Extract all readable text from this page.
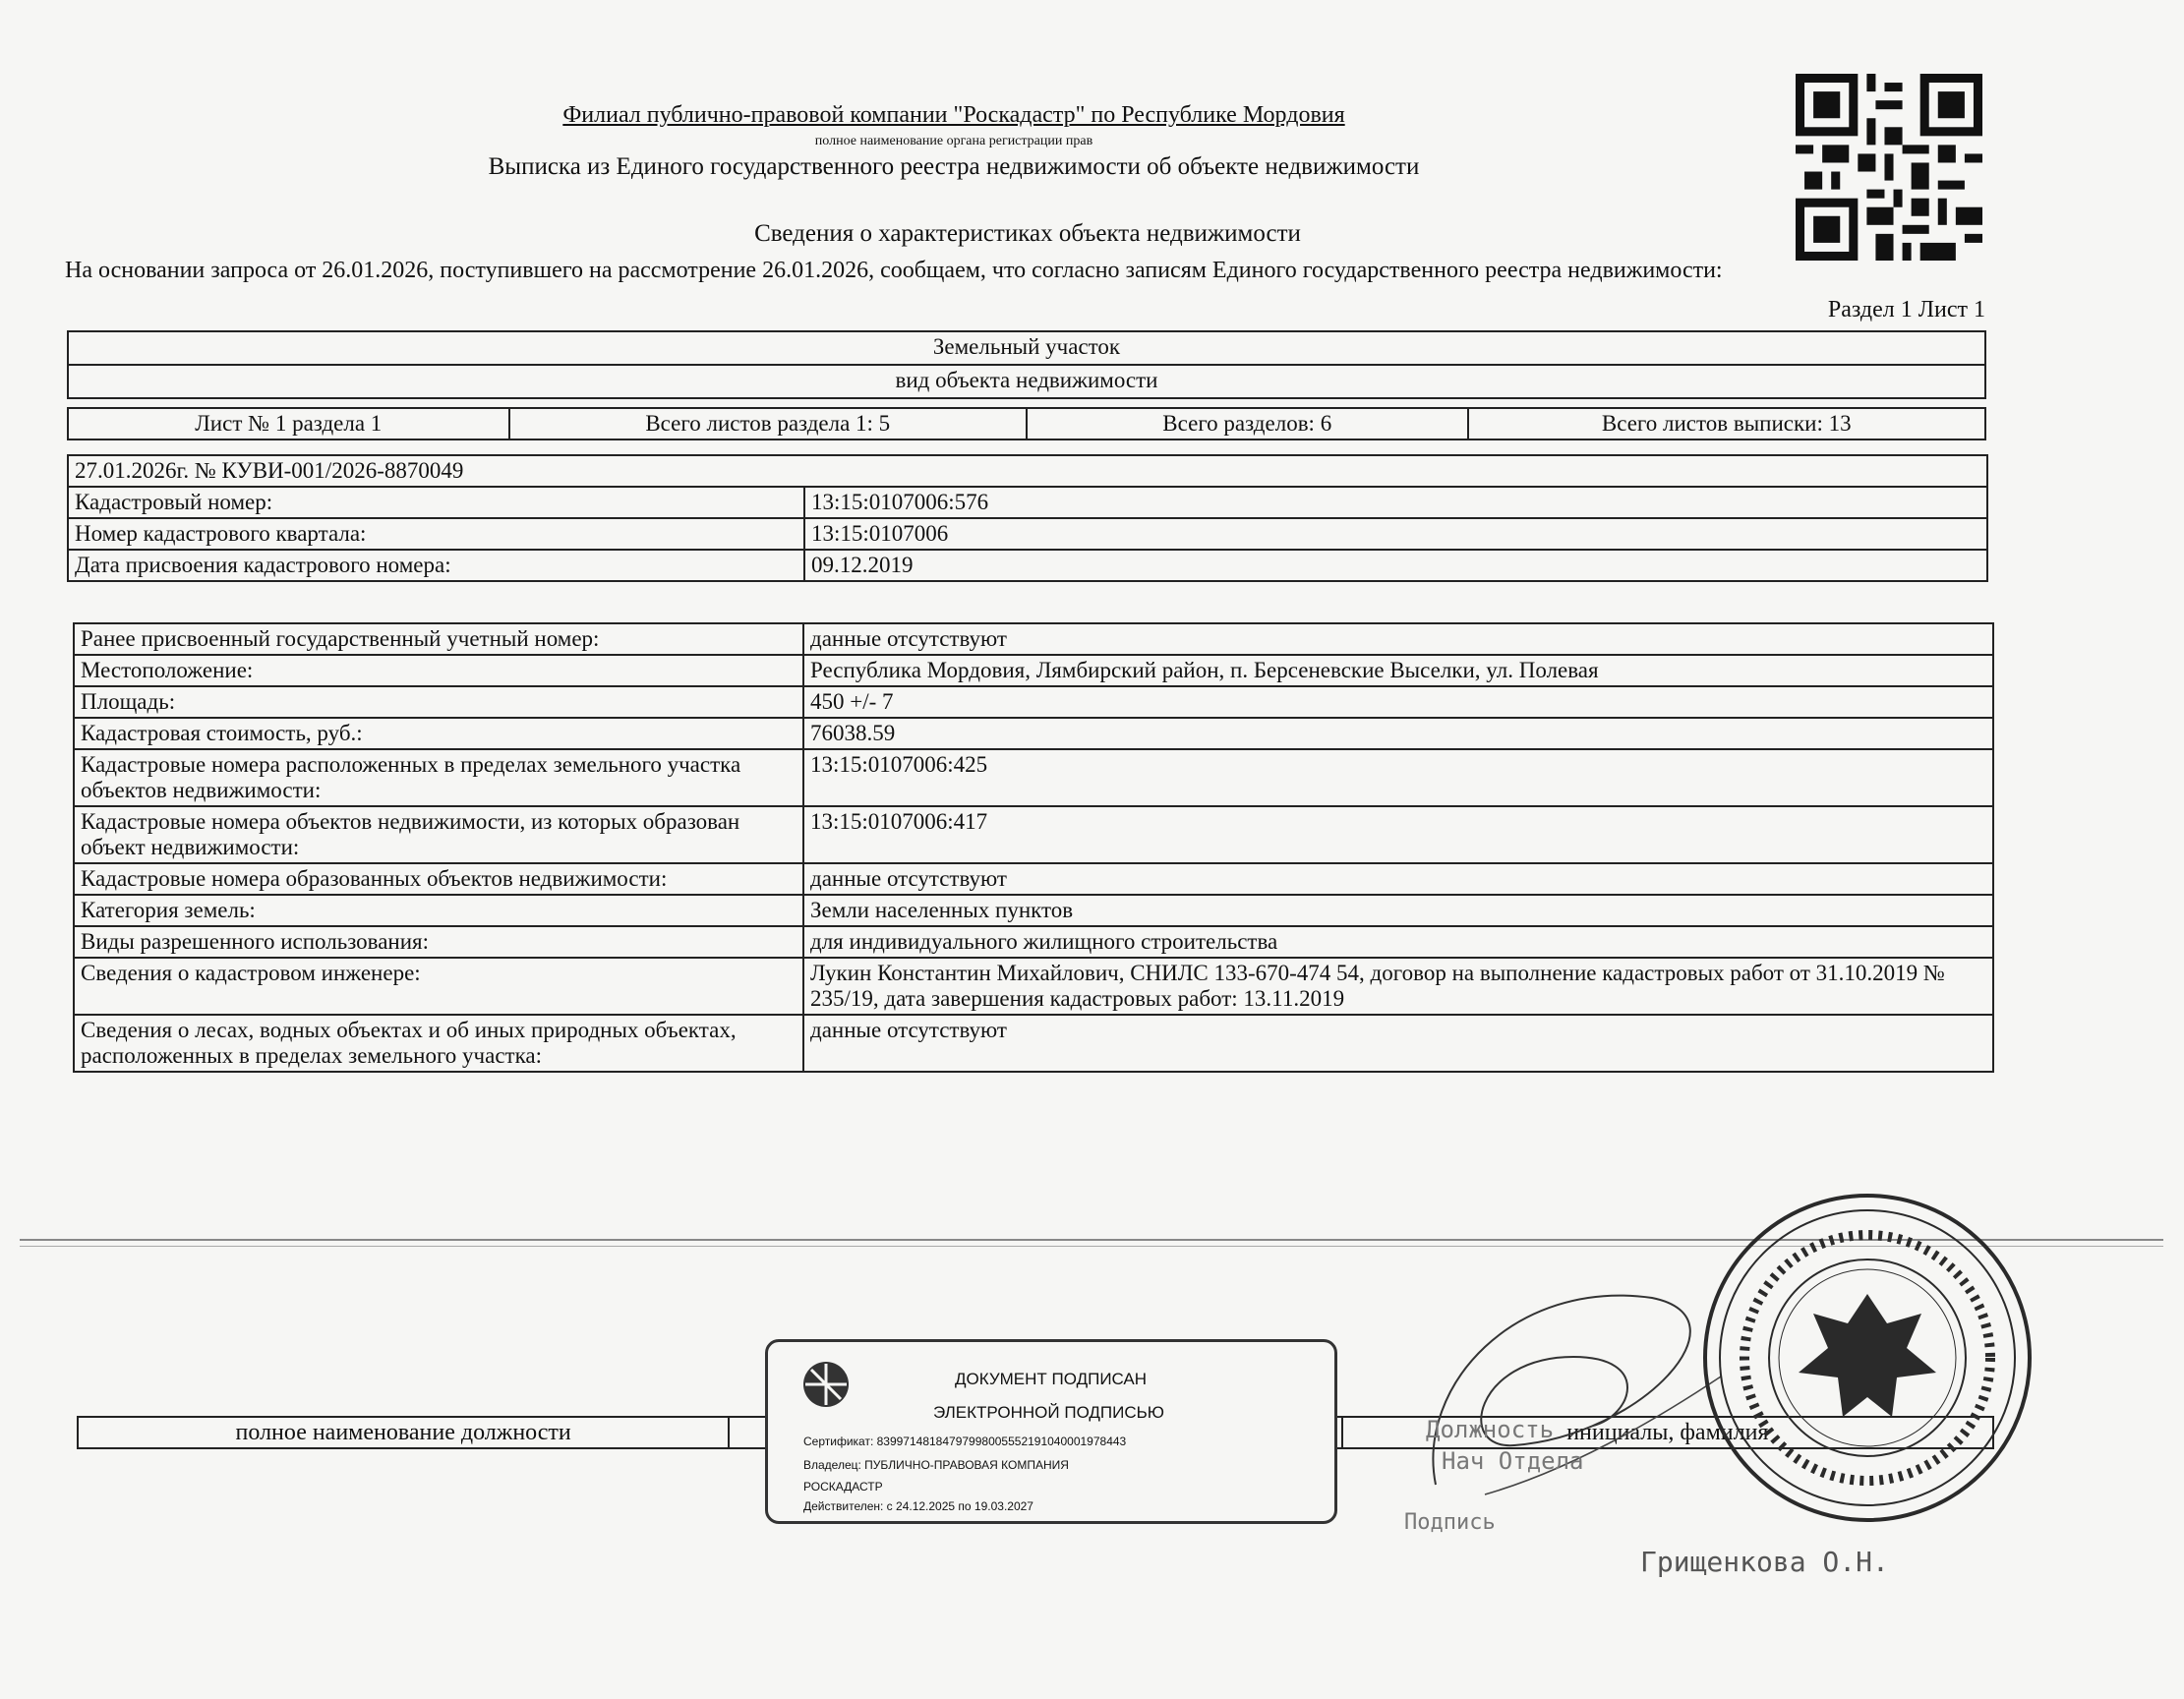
Филиал публично-правовой компании "Роскадастр" по Республике Мордовия
полное наименование органа регистрации прав
Выписка из Единого государственного реестра недвижимости об объекте недвижимости
Сведения о характеристиках объекта недвижимости
На основании запроса от 26.01.2026, поступившего на рассмотрение 26.01.2026, сообщаем, что согласно записям Единого государственного реестра недвижимости:
Раздел 1 Лист 1
Земельный участок
вид объекта недвижимости
Лист № 1 раздела 1	Всего листов раздела 1: 5	Всего разделов: 6	Всего листов выписки: 13
27.01.2026г. № КУВИ-001/2026-8870049	
Кадастровый номер:	13:15:0107006:576
Номер кадастрового квартала:	13:15:0107006
Дата присвоения кадастрового номера:	09.12.2019
Ранее присвоенный государственный учетный номер:	данные отсутствуют
Местоположение:	Республика Мордовия, Лямбирский район, п. Берсеневские Выселки, ул. Полевая
Площадь:	450 +/- 7
Кадастровая стоимость, руб.:	76038.59
Кадастровые номера расположенных в пределах земельного участка объектов недвижимости:	13:15:0107006:425
Кадастровые номера объектов недвижимости, из которых образован объект недвижимости:	13:15:0107006:417
Кадастровые номера образованных объектов недвижимости:	данные отсутствуют
Категория земель:	Земли населенных пунктов
Виды разрешенного использования:	для индивидуального жилищного строительства
Сведения о кадастровом инженере:	Лукин Константин Михайлович, СНИЛС 133-670-474 54, договор на выполнение кадастровых работ от 31.10.2019 № 235/19, дата завершения кадастровых работ: 13.11.2019
Сведения о лесах, водных объектах и об иных природных объектах, расположенных в пределах земельного участка:	данные отсутствуют
полное наименование должности		инициалы, фамилия
ДОКУМЕНТ ПОДПИСАН
ЭЛЕКТРОННОЙ ПОДПИСЬЮ
Сертификат: 839971481847979980055521910400019784​43
Владелец: ПУБЛИЧНО-ПРАВОВАЯ КОМПАНИЯ
РОСКАДАСТР
Действителен: с 24.12.2025 по 19.03.2027
Должность
Нач Отдела
Подпись
Грищенкова О.Н.
